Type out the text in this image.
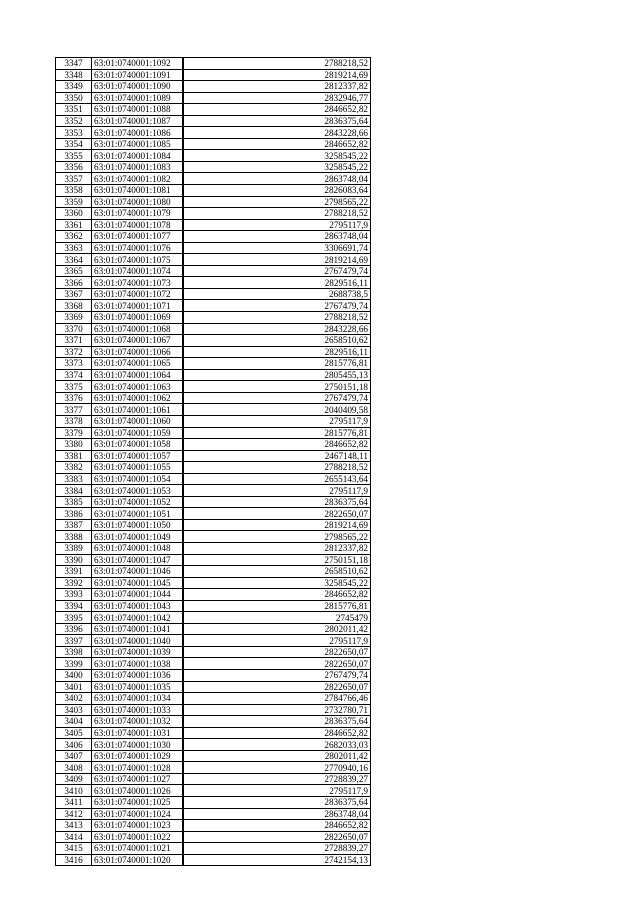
3347	63:01:0740001:1092	2788218,52
3348	63:01:0740001:1091	2819214,69
3349	63:01:0740001:1090	2812337,82
3350	63:01:0740001:1089	2832946,77
3351	63:01:0740001:1088	2846652,82
3352	63:01:0740001:1087	2836375,64
3353	63:01:0740001:1086	2843228,66
3354	63:01:0740001:1085	2846652,82
3355	63:01:0740001:1084	3258545,22
3356	63:01:0740001:1083	3258545,22
3357	63:01:0740001:1082	2863748,04
3358	63:01:0740001:1081	2826083,64
3359	63:01:0740001:1080	2798565,22
3360	63:01:0740001:1079	2788218,52
3361	63:01:0740001:1078	2795117,9
3362	63:01:0740001:1077	2863748,04
3363	63:01:0740001:1076	3306691,74
3364	63:01:0740001:1075	2819214,69
3365	63:01:0740001:1074	2767479,74
3366	63:01:0740001:1073	2829516,11
3367	63:01:0740001:1072	2688738,5
3368	63:01:0740001:1071	2767479,74
3369	63:01:0740001:1069	2788218,52
3370	63:01:0740001:1068	2843228,66
3371	63:01:0740001:1067	2658510,62
3372	63:01:0740001:1066	2829516,11
3373	63:01:0740001:1065	2815776,81
3374	63:01:0740001:1064	2805455,13
3375	63:01:0740001:1063	2750151,18
3376	63:01:0740001:1062	2767479,74
3377	63:01:0740001:1061	2040409,58
3378	63:01:0740001:1060	2795117,9
3379	63:01:0740001:1059	2815776,81
3380	63:01:0740001:1058	2846652,82
3381	63:01:0740001:1057	2467148,11
3382	63:01:0740001:1055	2788218,52
3383	63:01:0740001:1054	2655143,64
3384	63:01:0740001:1053	2795117,9
3385	63:01:0740001:1052	2836375,64
3386	63:01:0740001:1051	2822650,07
3387	63:01:0740001:1050	2819214,69
3388	63:01:0740001:1049	2798565,22
3389	63:01:0740001:1048	2812337,82
3390	63:01:0740001:1047	2750151,18
3391	63:01:0740001:1046	2658510,62
3392	63:01:0740001:1045	3258545,22
3393	63:01:0740001:1044	2846652,82
3394	63:01:0740001:1043	2815776,81
3395	63:01:0740001:1042	2745479
3396	63:01:0740001:1041	2802011,42
3397	63:01:0740001:1040	2795117,9
3398	63:01:0740001:1039	2822650,07
3399	63:01:0740001:1038	2822650,07
3400	63:01:0740001:1036	2767479,74
3401	63:01:0740001:1035	2822650,07
3402	63:01:0740001:1034	2784766,46
3403	63:01:0740001:1033	2732780,71
3404	63:01:0740001:1032	2836375,64
3405	63:01:0740001:1031	2846652,82
3406	63:01:0740001:1030	2682033,03
3407	63:01:0740001:1029	2802011,42
3408	63:01:0740001:1028	2770940,16
3409	63:01:0740001:1027	2728839,27
3410	63:01:0740001:1026	2795117,9
3411	63:01:0740001:1025	2836375,64
3412	63:01:0740001:1024	2863748,04
3413	63:01:0740001:1023	2846652,82
3414	63:01:0740001:1022	2822650,07
3415	63:01:0740001:1021	2728839,27
3416	63:01:0740001:1020	2742154,13
